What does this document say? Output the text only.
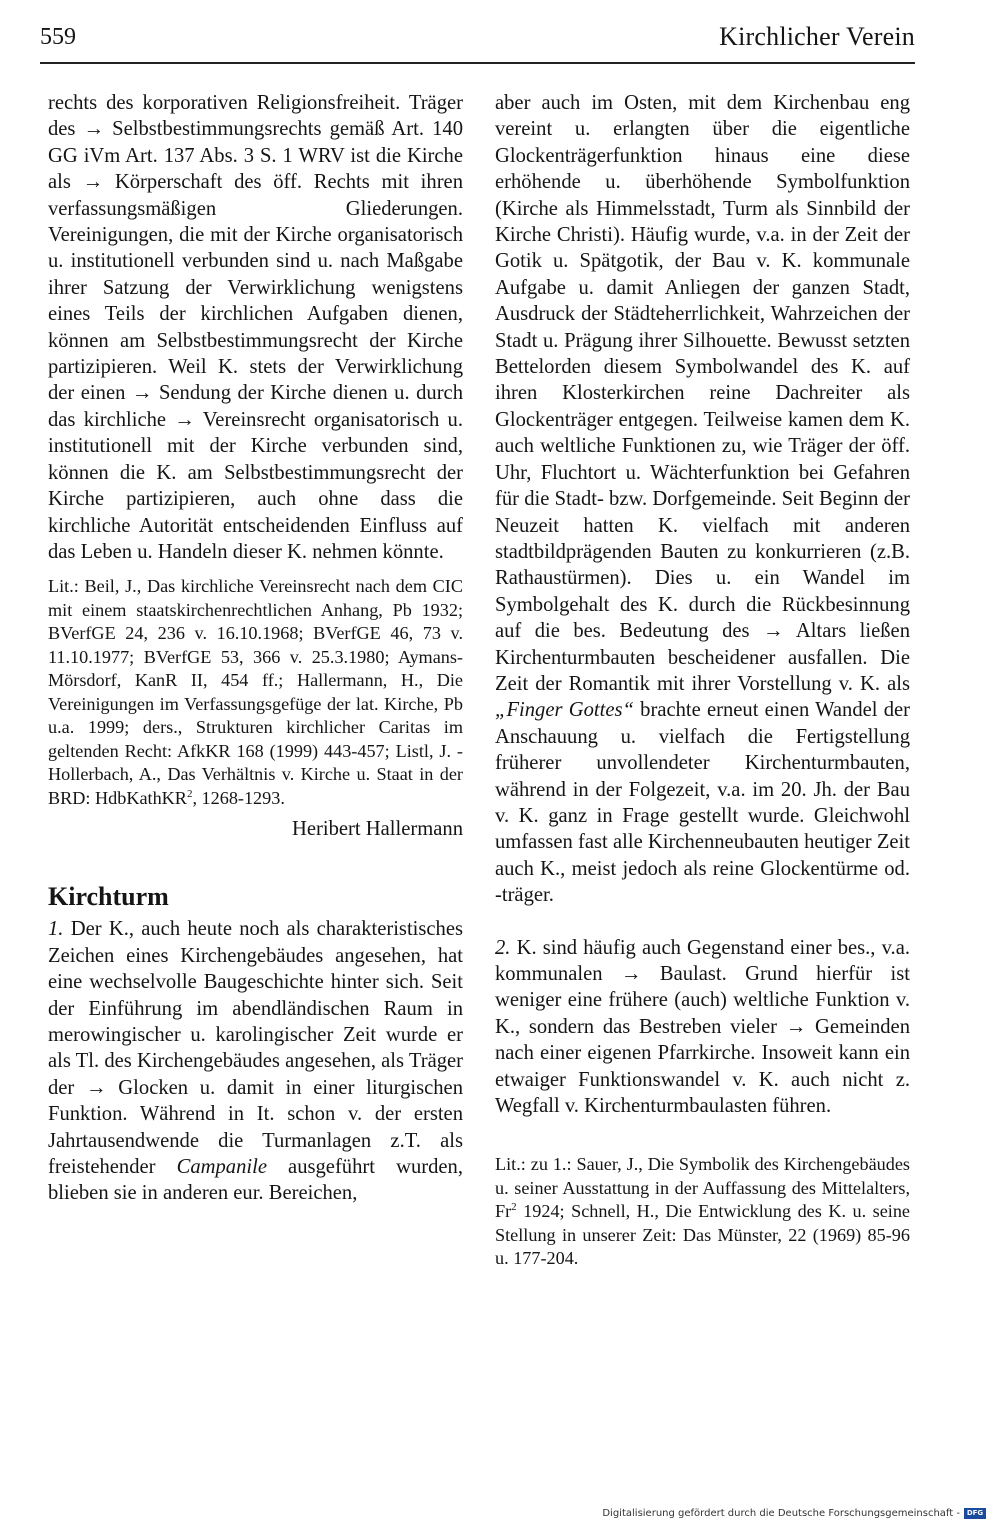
559	Kirchlicher Verein

rechts des korporativen Religionsfreiheit. Träger des → Selbstbestimmungsrechts gemäß Art. 140 GG iVm Art. 137 Abs. 3 S. 1 WRV ist die Kirche als → Körperschaft des öff. Rechts mit ihren verfassungsmäßigen Gliederungen. Vereinigungen, die mit der Kirche organisatorisch u. institutionell verbunden sind u. nach Maßgabe ihrer Satzung der Verwirklichung wenigstens eines Teils der kirchlichen Aufgaben dienen, können am Selbstbestimmungsrecht der Kirche partizipieren. Weil K. stets der Verwirklichung der einen → Sendung der Kirche dienen u. durch das kirchliche → Vereinsrecht organisatorisch u. institutionell mit der Kirche verbunden sind, können die K. am Selbstbestimmungsrecht der Kirche partizipieren, auch ohne dass die kirchliche Autorität entscheidenden Einfluss auf das Leben u. Handeln dieser K. nehmen könnte.

Lit.: Beil, J., Das kirchliche Vereinsrecht nach dem CIC mit einem staatskirchenrechtlichen Anhang, Pb 1932; BVerfGE 24, 236 v. 16.10.1968; BVerfGE 46, 73 v. 11.10.1977; BVerfGE 53, 366 v. 25.3.1980; Aymans-Mörsdorf, KanR II, 454 ff.; Hallermann, H., Die Vereinigungen im Verfassungsgefüge der lat. Kirche, Pb u.a. 1999; ders., Strukturen kirchlicher Caritas im geltenden Recht: AfkKR 168 (1999) 443-457; Listl, J. - Hollerbach, A., Das Verhältnis v. Kirche u. Staat in der BRD: HdbKathKR$^2$, 1268-1293.

Heribert Hallermann

Kirchturm

1. Der K., auch heute noch als charakteristisches Zeichen eines Kirchengebäudes angesehen, hat eine wechselvolle Baugeschichte hinter sich. Seit der Einführung im abendländischen Raum in merowingischer u. karolingischer Zeit wurde er als Tl. des Kirchengebäudes angesehen, als Träger der → Glocken u. damit in einer liturgischen Funktion. Während in It. schon v. der ersten Jahrtausendwende die Turmanlagen z.T. als freistehender Campanile ausgeführt wurden, blieben sie in anderen eur. Bereichen,

aber auch im Osten, mit dem Kirchenbau eng vereint u. erlangten über die eigentliche Glockenträgerfunktion hinaus eine diese erhöhende u. überhöhende Symbolfunktion (Kirche als Himmelsstadt, Turm als Sinnbild der Kirche Christi). Häufig wurde, v.a. in der Zeit der Gotik u. Spätgotik, der Bau v. K. kommunale Aufgabe u. damit Anliegen der ganzen Stadt, Ausdruck der Städteherrlichkeit, Wahrzeichen der Stadt u. Prägung ihrer Silhouette. Bewusst setzten Bettelorden diesem Symbolwandel des K. auf ihren Klosterkirchen reine Dachreiter als Glockenträger entgegen. Teilweise kamen dem K. auch weltliche Funktionen zu, wie Träger der öff. Uhr, Fluchtort u. Wächterfunktion bei Gefahren für die Stadt- bzw. Dorfgemeinde. Seit Beginn der Neuzeit hatten K. vielfach mit anderen stadtbildprägenden Bauten zu konkurrieren (z.B. Rathaustürmen). Dies u. ein Wandel im Symbolgehalt des K. durch die Rückbesinnung auf die bes. Bedeutung des → Altars ließen Kirchenturmbauten bescheidener ausfallen. Die Zeit der Romantik mit ihrer Vorstellung v. K. als „Finger Gottes“ brachte erneut einen Wandel der Anschauung u. vielfach die Fertigstellung früherer unvollendeter Kirchenturmbauten, während in der Folgezeit, v.a. im 20. Jh. der Bau v. K. ganz in Frage gestellt wurde. Gleichwohl umfassen fast alle Kirchenneubauten heutiger Zeit auch K., meist jedoch als reine Glockentürme od. -träger.

2. K. sind häufig auch Gegenstand einer bes., v.a. kommunalen → Baulast. Grund hierfür ist weniger eine frühere (auch) weltliche Funktion v. K., sondern das Bestreben vieler → Gemeinden nach einer eigenen Pfarrkirche. Insoweit kann ein etwaiger Funktionswandel v. K. auch nicht z. Wegfall v. Kirchenturmbaulasten führen.

Lit.: zu 1.: Sauer, J., Die Symbolik des Kirchengebäudes u. seiner Ausstattung in der Auffassung des Mittelalters, Fr$^2$ 1924; Schnell, H., Die Entwicklung des K. u. seine Stellung in unserer Zeit: Das Münster, 22 (1969) 85-96 u. 177-204.

Digitalisierung gefördert durch die Deutsche Forschungsgemeinschaft - DFG
